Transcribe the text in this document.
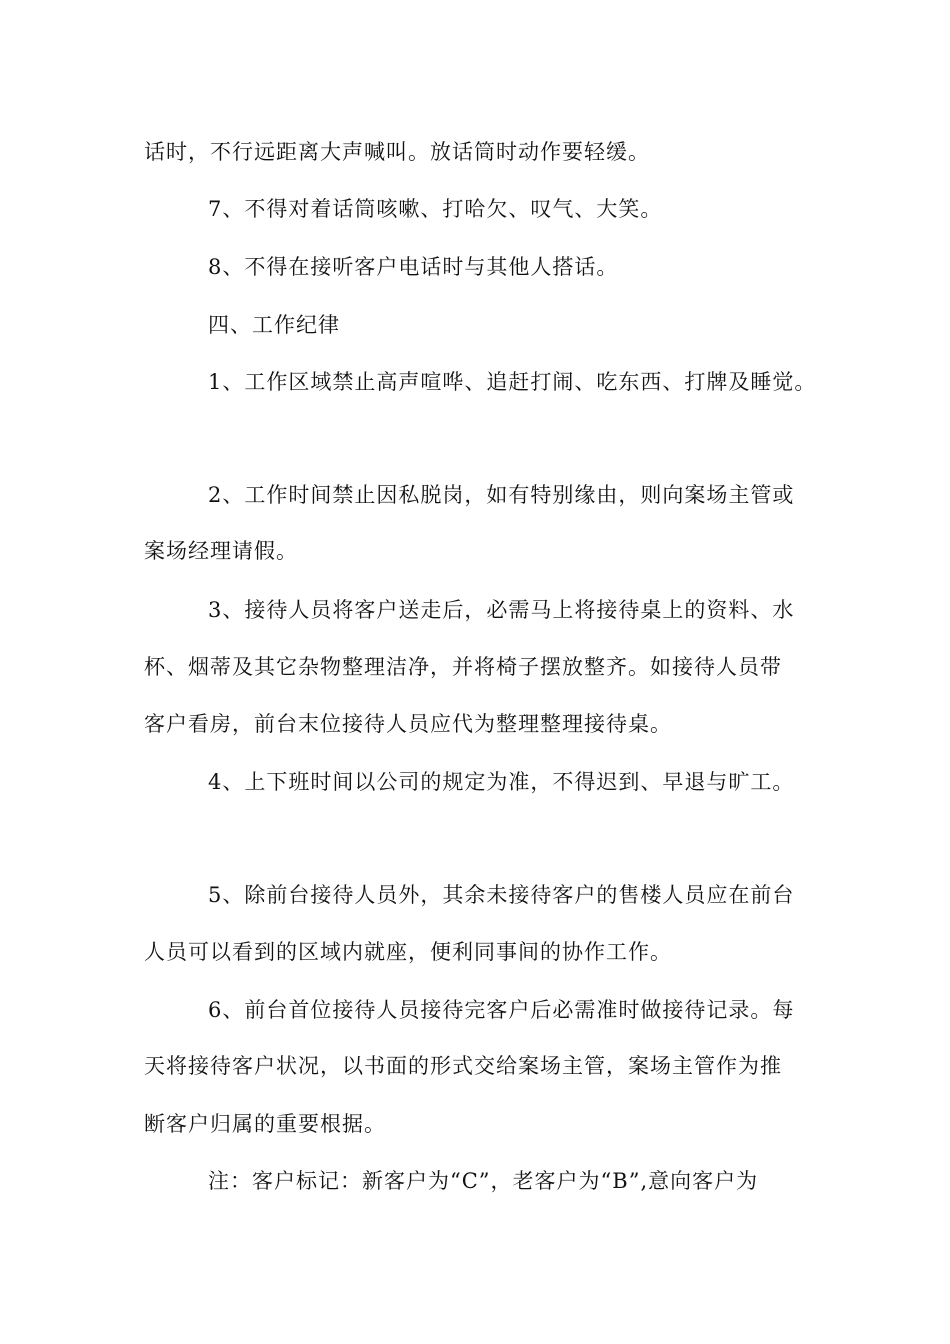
话时，不行远距离大声喊叫。放话筒时动作要轻缓。
7、不得对着话筒咳嗽、打哈欠、叹气、大笑。
8、不得在接听客户电话时与其他人搭话。
四、工作纪律
1、工作区域禁止高声喧哗、追赶打闹、吃东西、打牌及睡觉。
2、工作时间禁止因私脱岗，如有特别缘由，则向案场主管或
案场经理请假。
3、接待人员将客户送走后，必需马上将接待桌上的资料、水
杯、烟蒂及其它杂物整理洁净，并将椅子摆放整齐。如接待人员带
客户看房，前台末位接待人员应代为整理整理接待桌。
4、上下班时间以公司的规定为准，不得迟到、早退与旷工。
5、除前台接待人员外，其余未接待客户的售楼人员应在前台
人员可以看到的区域内就座，便利同事间的协作工作。
6、前台首位接待人员接待完客户后必需准时做接待记录。每
天将接待客户状况，以书面的形式交给案场主管，案场主管作为推
断客户归属的重要根据。
注：客户标记：新客户为“C”，老客户为“B”,意向客户为
